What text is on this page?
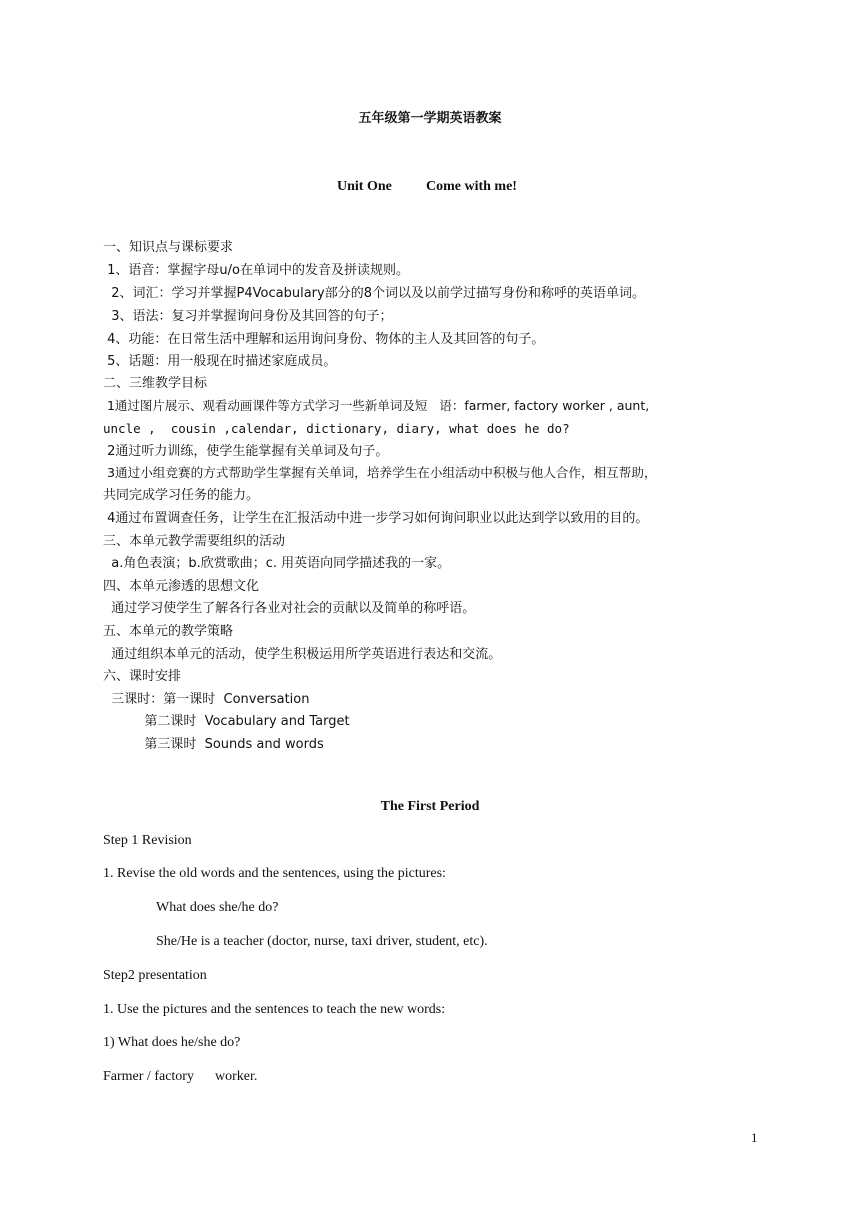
五年级第一学期英语教案
Unit One Come with me!
一、知识点与课标要求
1、语音：掌握字母u/o在单词中的发音及拼读规则。
2、词汇：学习并掌握P4Vocabulary部分的8个词以及以前学过描写身份和称呼的英语单词。
3、语法：复习并掌握询问身份及其回答的句子；
4、功能：在日常生活中理解和运用询问身份、物体的主人及其回答的句子。
5、话题：用一般现在时描述家庭成员。
二、三维教学目标
1通过图片展示、观看动画课件等方式学习一些新单词及短   语：farmer, factory worker , aunt,
uncle ,  cousin ,calendar, dictionary, diary, what does he do?
2通过听力训练，使学生能掌握有关单词及句子。
3通过小组竞赛的方式帮助学生掌握有关单词，培养学生在小组活动中积极与他人合作，相互帮助，
共同完成学习任务的能力。
4通过布置调查任务，让学生在汇报活动中进一步学习如何询问职业以此达到学以致用的目的。
三、本单元教学需要组织的活动
a.角色表演；b.欣赏歌曲；c. 用英语向同学描述我的一家。
四、本单元渗透的思想文化
通过学习使学生了解各行各业对社会的贡献以及简单的称呼语。
五、本单元的教学策略
通过组织本单元的活动，使学生积极运用所学英语进行表达和交流。
六、课时安排
三课时：第一课时  Conversation
第二课时  Vocabulary and Target
第三课时  Sounds and words
The First Period
Step 1 Revision
1. Revise the old words and the sentences, using the pictures:
What does she/he do?
She/He is a teacher (doctor, nurse, taxi driver, student, etc).
Step2 presentation
1. Use the pictures and the sentences to teach the new words:
1) What does he/she do?
Farmer / factory      worker.
1
